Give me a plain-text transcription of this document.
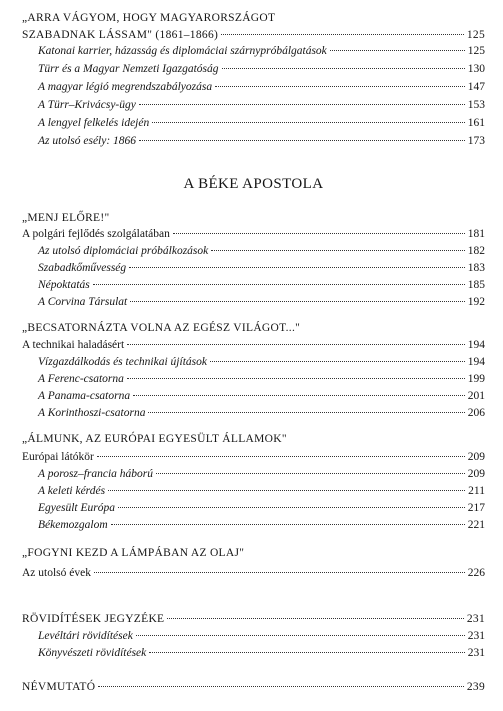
„ARRA VÁGYOM, HOGY MAGYARORSZÁGOT
SZABADNAK LÁSSAM" (1861–1866)	125
Katonai karrier, házasság és diplomáciai szárnypróbálgatások	125
Türr és a Magyar Nemzeti Igazgatóság	130
A magyar légió megrendszabályozása	147
A Türr–Krivácsy-ügy	153
A lengyel felkelés idején	161
Az utolsó esély: 1866	173
A BÉKE APOSTOLA
„MENJ ELŐRE!"
A polgári fejlődés szolgálatában	181
Az utolsó diplomáciai próbálkozások	182
Szabadkőművesség	183
Népoktatás	185
A Corvina Társulat	192
„BECSATORNÁZTA VOLNA AZ EGÉSZ VILÁGOT..."
A technikai haladásért	194
Vízgazdálkodás és technikai újítások	194
A Ferenc-csatorna	199
A Panama-csatorna	201
A Korinthoszi-csatorna	206
„ÁLMUNK, AZ EURÓPAI EGYESÜLT ÁLLAMOK"
Európai látókör	209
A porosz–francia háború	209
A keleti kérdés	211
Egyesült Európa	217
Békemozgalom	221
„FOGYNI KEZD A LÁMPÁBAN AZ OLAJ"
Az utolsó évek	226
RÖVIDÍTÉSEK JEGYZÉKE	231
Levéltári rövidítések	231
Könyvészeti rövidítések	231
NÉVMUTATÓ	239
